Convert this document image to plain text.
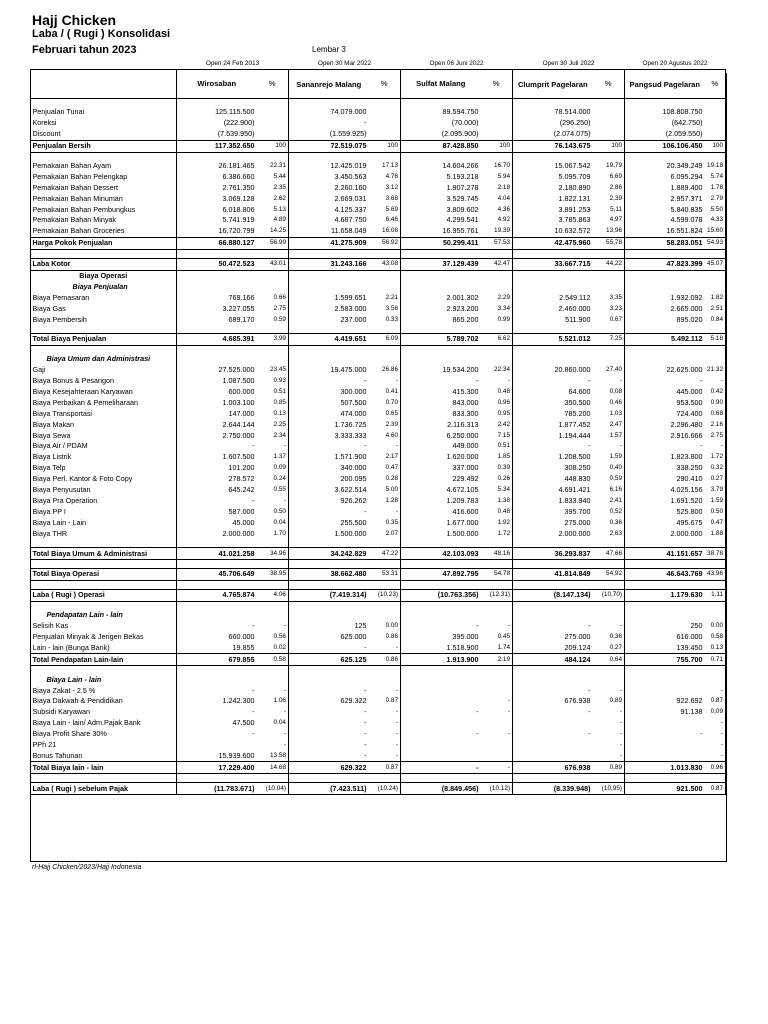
Hajj Chicken
Laba / ( Rugi ) Konsolidasi
Februari tahun 2023	Lembar 3
	Open 24 Feb 2013		Open 30 Mar 2022		Open 06 Juni 2022		Open 30 Juli 2022		Open 20 Agustus 2022	
	Wirosaban	%	Sananrejo Malang	%	Sulfat Malang	%	Clumprit Pagelaran	%	Pangsud Pagelaran	%

Penjualan Tunai	125.115.500		74.079.000		89.594.750		78.514.000		108.808.750	
Koreksi	(222.900)		-		(70.000)		(296.250)		(642.750)	
Discount	(7.539.950)		(1.559.925)		(2.095.900)		(2.074.075)		(2.059.550)	
Penjualan Bersih	117.352.650	100	72.519.075	100	87.428.850	100	76.143.675	100	106.106.450	100

Pemakaian Bahan Ayam	26.181.465	22.31	12.425.019	17.13	14.604.266	16.70	15.067.542	19,79	20.349.249	19.18
Pemakaian Bahan Pelengkap	6.386.660	5.44	3.450.563	4.76	5.193.218	5.94	5.095.709	6,69	6.095.294	5.74
Pemakaian Bahan Dessert	2.761.350	2.35	2.260.160	3.12	1.907.278	2.18	2.180.890	2,86	1.889.400	1.78
Pemakaian Bahan Minuman	3.069.128	2.62	2.669.031	3.68	3.529.745	4.04	1.822.131	2,39	2.957.371	2.79
Pemakaian Bahan Pembungkus	6.018.806	5.13	4.125.337	5.69	3.809.602	4.36	3.891.253	5,11	5.840.835	5.50
Pemakaian Bahan Minyak	5.741.919	4.89	4.687.750	6.46	4.299.541	4.92	3.785.863	4,97	4.599.078	4.33
Pemakaian Bahan Groceries	16.720.799	14.25	11.658.049	16.08	16.955.761	19.39	10.632.572	13,96	16.551.824	15.60
Harga Pokok Penjualan	66.880.127	56.99	41.275.909	56.92	50.299.411	57.53	42.475.960	55,78	58.283.051	54.93

Laba Kotor	50.472.523	43.01	31.243.166	43.08	37.129.439	42.47	33.667.715	44,22	47.823.399	45.07
Biaya Operasi										
Biaya Penjualan										
Biaya Pemasaran	769.166	0.66	1.599.651	2.21	2.001.302	2.29	2.549.112	3,35	1.932.092	1.82
Biaya Gas	3.227.055	2.75	2.583.000	3.56	2.923.200	3.34	2.460.000	3,23	2.665.000	2.51
Biaya Pembersih	689.170	0.59	237.000	0.33	865.200	0.99	511.900	0,67	895.020	0.84

Total Biaya Penjualan	4.685.391	3.99	4.419.651	6.09	5.789.702	6.62	5.521.012	7,25	5.492.112	5.18

Biaya Umum dan Administrasi										
Gaji	27.525.000	23.45	19.475.000	26.86	19.534.200	22.34	20.860.000	27,40	22.625.000	21.32
Biaya Bonus & Pesangon	1.087.500	0.93	-	-	-	-	-	-	-	-
Biaya Kesejahteraan Karyawan	600.000	0.51	300.000	0.41	415.300	0.48	64.600	0,08	445.000	0.42
Biaya Perbaikan & Pemeliharaan	1.003.100	0.85	507.500	0.70	843.000	0.96	350.500	0,46	953.500	0.90
Biaya Transportasi	147.000	0.13	474.000	0.65	833.300	0.95	785.200	1,03	724.400	0.68
Biaya Makan	2.644.144	2.25	1.736.725	2.39	2.116.313	2.42	1.877.452	2,47	2.296.480	2.16
Biaya Sewa	2.750.000	2.34	3.333.333	4.60	6.250.000	7.15	1.194.444	1,57	2.916.666	2.75
Biaya Air / PDAM	-	-	-	-	449.000	0.51	-	-	-	-
Biaya Listrik	1.607.500	1.37	1.571.900	2.17	1.620.000	1.85	1.208.500	1,59	1.823.800	1.72
Biaya Telp	101.200	0.09	340.000	0.47	337.000	0.39	308.250	0,40	338.250	0.32
Biaya Perl. Kantor & Foto Copy	278.572	0.24	200.095	0.28	229.492	0.26	448.830	0,59	290.410	0.27
Biaya Penyusutan	645.242	0.55	3.622.514	5.00	4.672.105	5.34	4.691.421	6,16	4.025.156	3.79
Biaya Pra Operation	-	-	926.262	1.28	1.209.783	1.38	1.833.940	2,41	1.691.520	1.59
Biaya PP I	587.000	0.50	-	-	416.600	0.48	395.700	0,52	525.800	0.50
Biaya Lain - Lain	45.000	0.04	255.500	0.35	1.677.000	1.92	275.000	0,36	495.675	0.47
Biaya THR	2.000.000	1.70	1.500.000	2.07	1.500.000	1.72	2.000.000	2,63	2.000.000	1.88

Total Biaya Umum & Administrasi	41.021.258	34.96	34.242.829	47.22	42.103.093	48.16	36.293.837	47,66	41.151.657	38.78

Total Biaya Operasi	45.706.649	38.95	38.662.480	53.31	47.892.795	54.78	41.814.849	54,92	46.643.769	43.96

Laba ( Rugi ) Operasi	4.765.874	4.06	(7.419.314)	(10.23)	(10.763.356)	(12.31)	(8.147.134)	(10,70)	1.179.630	1.11

Pendapatan Lain - lain										
Selisih Kas	-	-	125	0.00	-	-	-	-	250	0.00
Penjualan Minyak & Jerigen Bekas	660.000	0.56	625.000	0.86	395.000	0.45	275.000	0,36	616.000	0.58
Lain - lain (Bunga Bank)	19.855	0.02	-	-	1.518.900	1.74	209.124	0,27	139.450	0.13
Total Pendapatan Lain-lain	679.855	0.58	625.125	0.86	1.913.900	2.19	484.124	0,64	755.700	0.71

Biaya Lain - lain										
Biaya Zakat - 2.5 %	-	-	-	-			-	-		-
Biaya Dakwah & Pendidikan	1.242.300	1.06	629.322	0.87		-	676.938	0,89	922.692	0.87
Subsidi Karyawan	-	-	-	-	-	-	-	-	91.138	0,09
Biaya Lain - lain/ Adm.Pajak Bank	47.500	0.04	-	-				-		-
Biaya Profit Share 30%	-	-	-	-	-	-	-	-	-	-
PPh 21		-	-	-				-		-
Bonus Tahunan	15.939.600	13.58	-	-				-		-
Total Biaya lain - lain	17.229.400	14.68	629.322	0.87	-	-	676.938	0,89	1.013.830	0.96

Laba ( Rugi ) sebelum Pajak	(11.783.671)	(10.04)	(7.423.511)	(10.24)	(8.849.456)	(10.12)	(8.339.948)	(10,95)	921.500	0.87
rl-Hajj Chicken/2023/Hajj Indonesia
